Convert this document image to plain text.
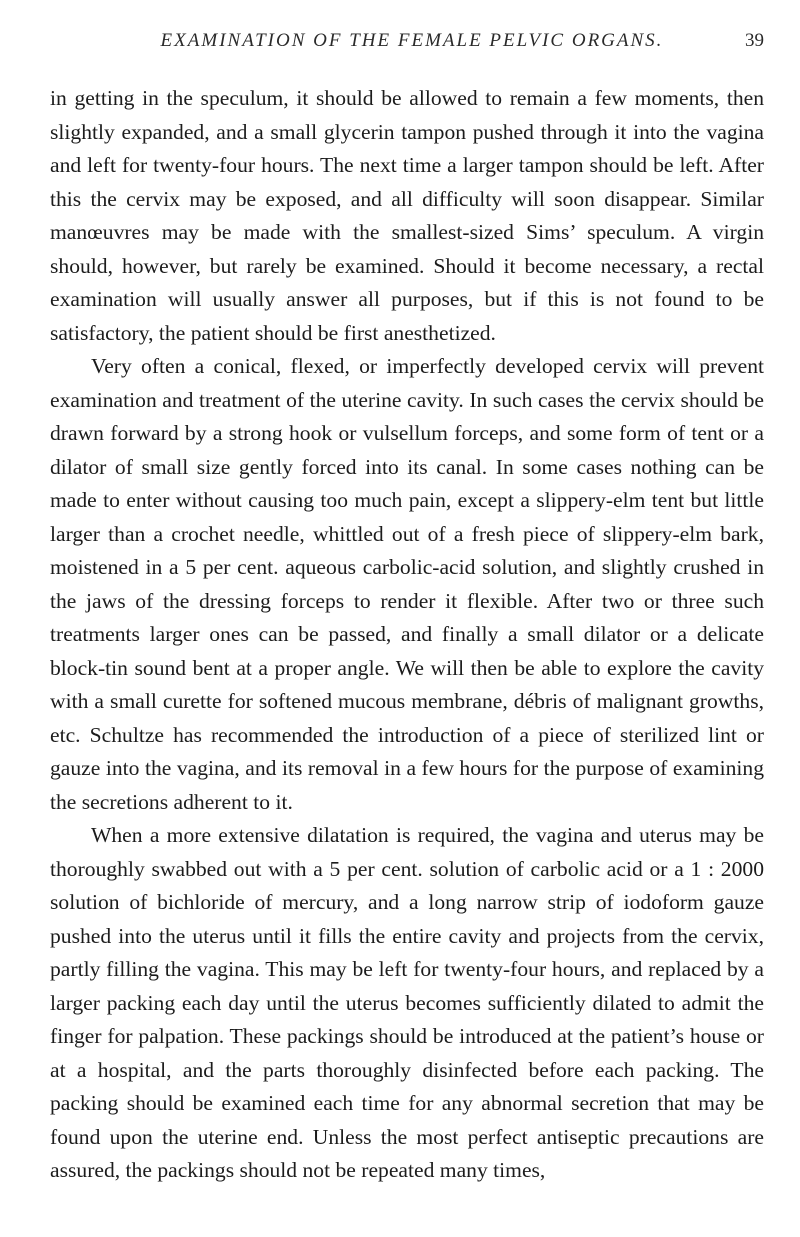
EXAMINATION OF THE FEMALE PELVIC ORGANS.	39

in getting in the speculum, it should be allowed to remain a few moments, then slightly expanded, and a small glycerin tampon pushed through it into the vagina and left for twenty-four hours. The next time a larger tampon should be left. After this the cervix may be exposed, and all difficulty will soon disappear. Similar manœuvres may be made with the smallest-sized Sims’ speculum. A virgin should, however, but rarely be examined. Should it become necessary, a rectal examination will usually answer all purposes, but if this is not found to be satisfactory, the patient should be first anesthetized.

Very often a conical, flexed, or imperfectly developed cervix will prevent examination and treatment of the uterine cavity. In such cases the cervix should be drawn forward by a strong hook or vulsellum forceps, and some form of tent or a dilator of small size gently forced into its canal. In some cases nothing can be made to enter without causing too much pain, except a slippery-elm tent but little larger than a crochet needle, whittled out of a fresh piece of slippery-elm bark, moistened in a 5 per cent. aqueous carbolic-acid solution, and slightly crushed in the jaws of the dressing forceps to render it flexible. After two or three such treatments larger ones can be passed, and finally a small dilator or a delicate block-tin sound bent at a proper angle. We will then be able to explore the cavity with a small curette for softened mucous membrane, débris of malignant growths, etc. Schultze has recommended the introduction of a piece of sterilized lint or gauze into the vagina, and its removal in a few hours for the purpose of examining the secretions adherent to it.

When a more extensive dilatation is required, the vagina and uterus may be thoroughly swabbed out with a 5 per cent. solution of carbolic acid or a 1 : 2000 solution of bichloride of mercury, and a long narrow strip of iodoform gauze pushed into the uterus until it fills the entire cavity and projects from the cervix, partly filling the vagina. This may be left for twenty-four hours, and replaced by a larger packing each day until the uterus becomes sufficiently dilated to admit the finger for palpation. These packings should be introduced at the patient’s house or at a hospital, and the parts thoroughly disinfected before each packing. The packing should be examined each time for any abnormal secretion that may be found upon the uterine end. Unless the most perfect antiseptic precautions are assured, the packings should not be repeated many times,
